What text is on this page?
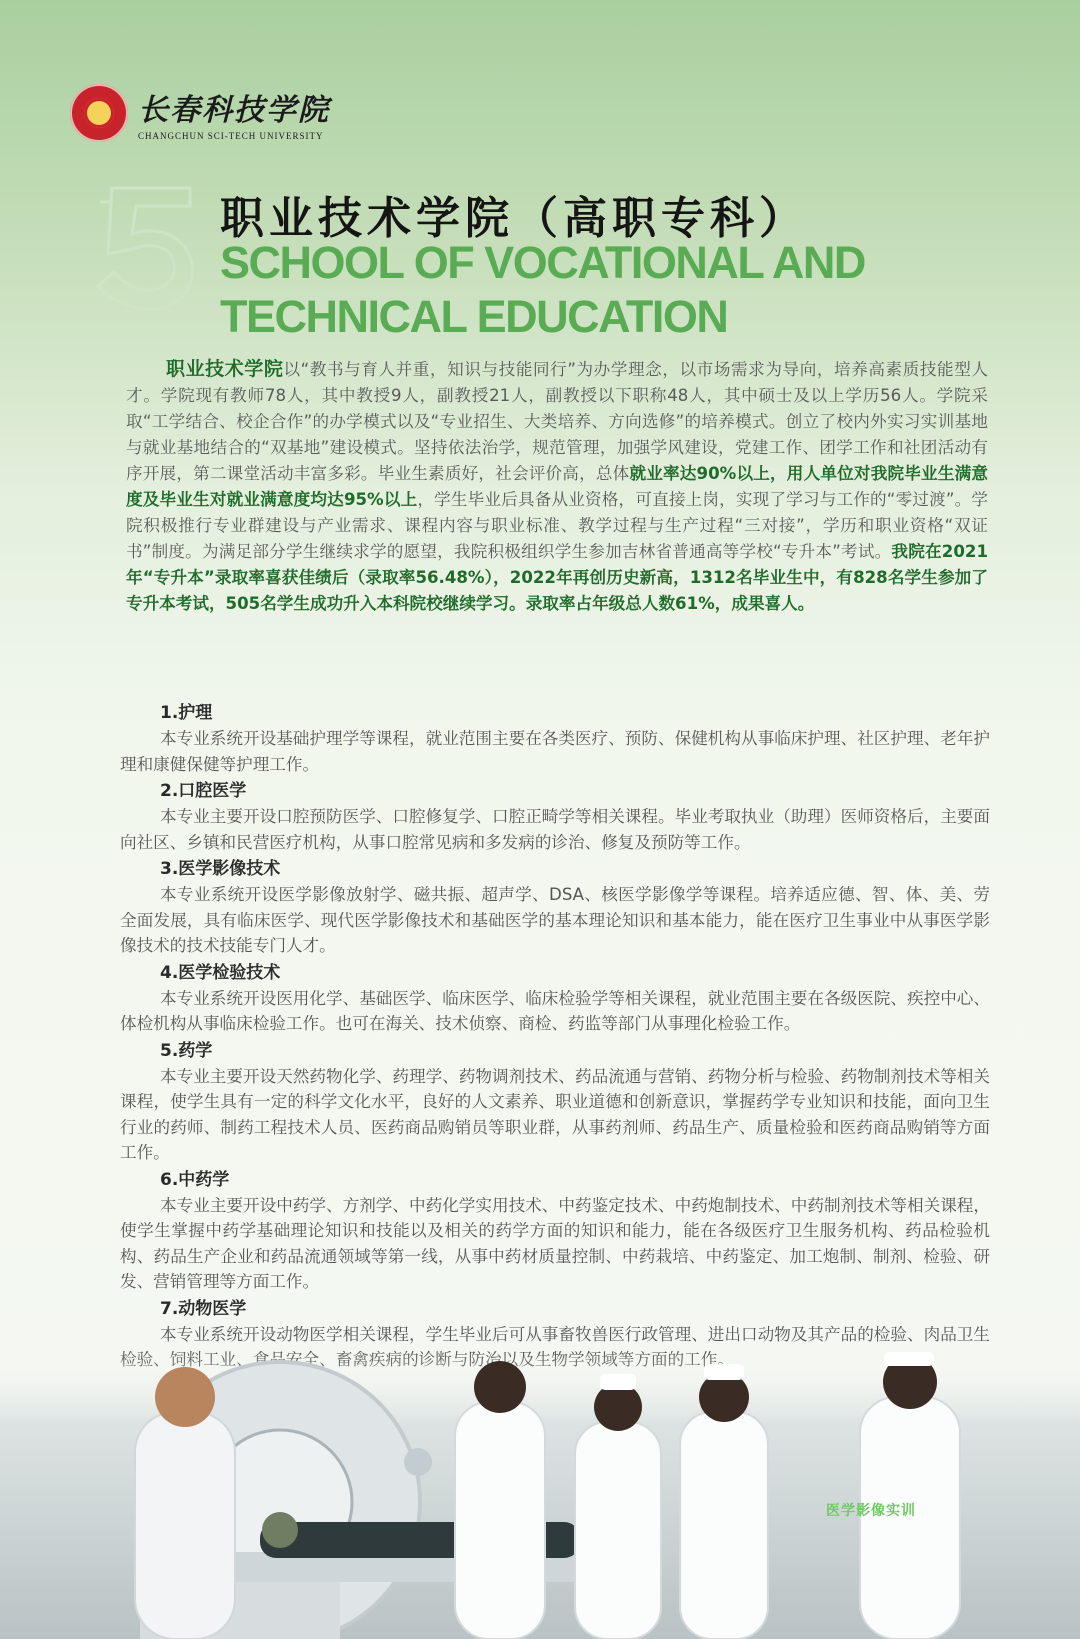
长春科技学院
CHANGCHUN SCI-TECH UNIVERSITY
职业技术学院（高职专科）
SCHOOL OF VOCATIONAL AND
TECHNICAL EDUCATION
职业技术学院以“教书与育人并重，知识与技能同行”为办学理念，以市场需求为导向，培养高素质技能型人才。学院现有教师78人，其中教授9人，副教授21人，副教授以下职称48人，其中硕士及以上学历56人。学院采取“工学结合、校企合作”的办学模式以及“专业招生、大类培养、方向选修”的培养模式。创立了校内外实习实训基地与就业基地结合的“双基地”建设模式。坚持依法治学，规范管理，加强学风建设，党建工作、团学工作和社团活动有序开展，第二课堂活动丰富多彩。毕业生素质好，社会评价高，总体就业率达90%以上，用人单位对我院毕业生满意度及毕业生对就业满意度均达95%以上，学生毕业后具备从业资格，可直接上岗，实现了学习与工作的“零过渡”。学院积极推行专业群建设与产业需求、课程内容与职业标准、教学过程与生产过程“三对接”，学历和职业资格“双证书”制度。为满足部分学生继续求学的愿望，我院积极组织学生参加吉林省普通高等学校“专升本”考试。我院在2021年“专升本”录取率喜获佳绩后（录取率56.48%），2022年再创历史新高，1312名毕业生中，有828名学生参加了专升本考试，505名学生成功升入本科院校继续学习。录取率占年级总人数61%，成果喜人。
1.护理
本专业系统开设基础护理学等课程，就业范围主要在各类医疗、预防、保健机构从事临床护理、社区护理、老年护理和康健保健等护理工作。
2.口腔医学
本专业主要开设口腔预防医学、口腔修复学、口腔正畸学等相关课程。毕业考取执业（助理）医师资格后，主要面向社区、乡镇和民营医疗机构，从事口腔常见病和多发病的诊治、修复及预防等工作。
3.医学影像技术
本专业系统开设医学影像放射学、磁共振、超声学、DSA、核医学影像学等课程。培养适应德、智、体、美、劳全面发展，具有临床医学、现代医学影像技术和基础医学的基本理论知识和基本能力，能在医疗卫生事业中从事医学影像技术的技术技能专门人才。
4.医学检验技术
本专业系统开设医用化学、基础医学、临床医学、临床检验学等相关课程，就业范围主要在各级医院、疾控中心、体检机构从事临床检验工作。也可在海关、技术侦察、商检、药监等部门从事理化检验工作。
5.药学
本专业主要开设天然药物化学、药理学、药物调剂技术、药品流通与营销、药物分析与检验、药物制剂技术等相关课程，使学生具有一定的科学文化水平，良好的人文素养、职业道德和创新意识，掌握药学专业知识和技能，面向卫生行业的药师、制药工程技术人员、医药商品购销员等职业群，从事药剂师、药品生产、质量检验和医药商品购销等方面工作。
6.中药学
本专业主要开设中药学、方剂学、中药化学实用技术、中药鉴定技术、中药炮制技术、中药制剂技术等相关课程，使学生掌握中药学基础理论知识和技能以及相关的药学方面的知识和能力，能在各级医疗卫生服务机构、药品检验机构、药品生产企业和药品流通领域等第一线，从事中药材质量控制、中药栽培、中药鉴定、加工炮制、制剂、检验、研发、营销管理等方面工作。
7.动物医学
本专业系统开设动物医学相关课程，学生毕业后可从事畜牧兽医行政管理、进出口动物及其产品的检验、肉品卫生
医学影像实训
